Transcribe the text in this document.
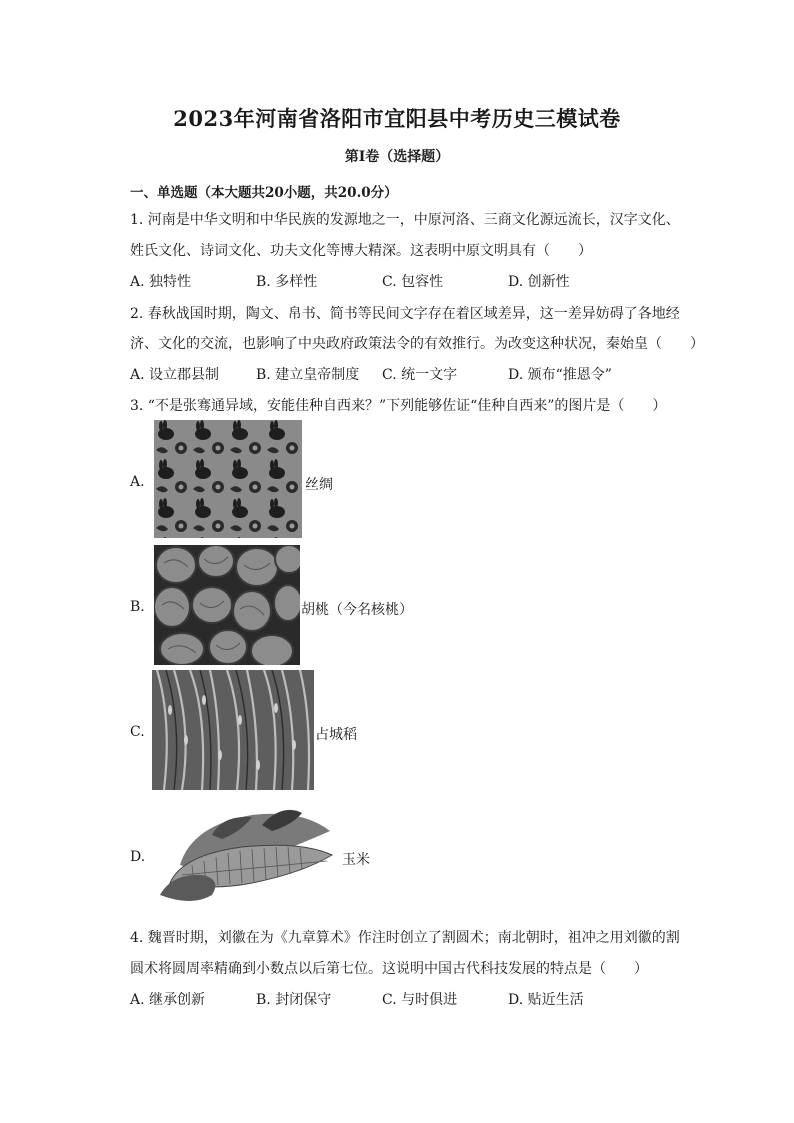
2023年河南省洛阳市宜阳县中考历史三模试卷
第I卷（选择题）
一、单选题（本大题共20小题，共20.0分）
1. 河南是中华文明和中华民族的发源地之一，中原河洛、三商文化源远流长，汉字文化、
姓氏文化、诗词文化、功夫文化等博大精深。这表明中原文明具有（　　）
A. 独特性	B. 多样性	C. 包容性	D. 创新性
2. 春秋战国时期，陶文、帛书、简书等民间文字存在着区域差异，这一差异妨碍了各地经
济、文化的交流，也影响了中央政府政策法令的有效推行。为改变这种状况，秦始皇（　　）
A. 设立郡县制	B. 建立皇帝制度 C. 统一文字	D. 颁布“推恩令”
3. “不是张骞通异域，安能佳种自西来？”下列能够佐证“佳种自西来”的图片是（　　）
A.	丝绸
B.	胡桃（今名核桃）
C.	占城稻
D.	玉米
4. 魏晋时期，刘徽在为《九章算术》作注时创立了割圆术；南北朝时，祖冲之用刘徽的割
圆术将圆周率精确到小数点以后第七位。这说明中国古代科技发展的特点是（　　）
A. 继承创新	B. 封闭保守	C. 与时俱进	D. 贴近生活
